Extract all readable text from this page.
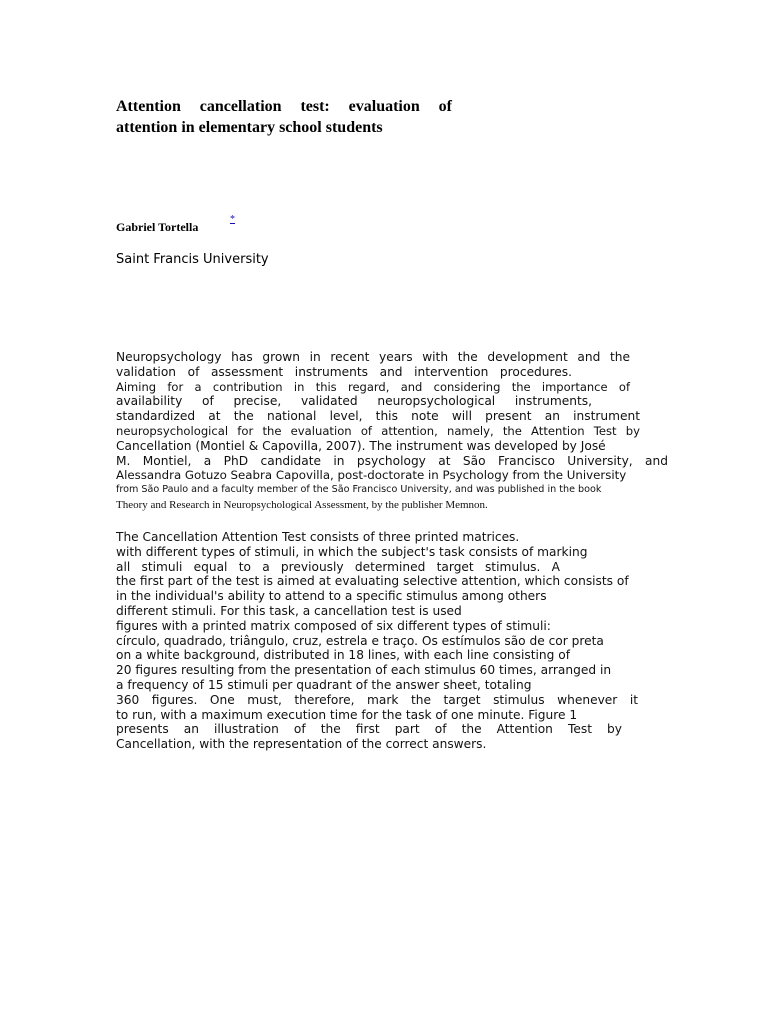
Attention cancellation test: evaluation of
attention in elementary school students
Gabriel Tortella
*
Saint Francis University
Neuropsychology has grown in recent years with the development and the
validation of assessment instruments and intervention procedures.
Aiming for a contribution in this regard, and considering the importance of
availability of precise, validated neuropsychological instruments,
standardized at the national level, this note will present an instrument
neuropsychological for the evaluation of attention, namely, the Attention Test by
Cancellation (Montiel & Capovilla, 2007). The instrument was developed by José
M. Montiel, a PhD candidate in psychology at São Francisco University, and
Alessandra Gotuzo Seabra Capovilla, post-doctorate in Psychology from the University
from São Paulo and a faculty member of the São Francisco University, and was published in the book
Theory and Research in Neuropsychological Assessment, by the publisher Memnon.
The Cancellation Attention Test consists of three printed matrices.
with different types of stimuli, in which the subject's task consists of marking
all stimuli equal to a previously determined target stimulus. A
the first part of the test is aimed at evaluating selective attention, which consists of
in the individual's ability to attend to a specific stimulus among others
different stimuli. For this task, a cancellation test is used
figures with a printed matrix composed of six different types of stimuli:
círculo, quadrado, triângulo, cruz, estrela e traço. Os estímulos são de cor preta
on a white background, distributed in 18 lines, with each line consisting of
20 figures resulting from the presentation of each stimulus 60 times, arranged in
a frequency of 15 stimuli per quadrant of the answer sheet, totaling
360 figures. One must, therefore, mark the target stimulus whenever it
to run, with a maximum execution time for the task of one minute. Figure 1
presents an illustration of the first part of the Attention Test by
Cancellation, with the representation of the correct answers.
